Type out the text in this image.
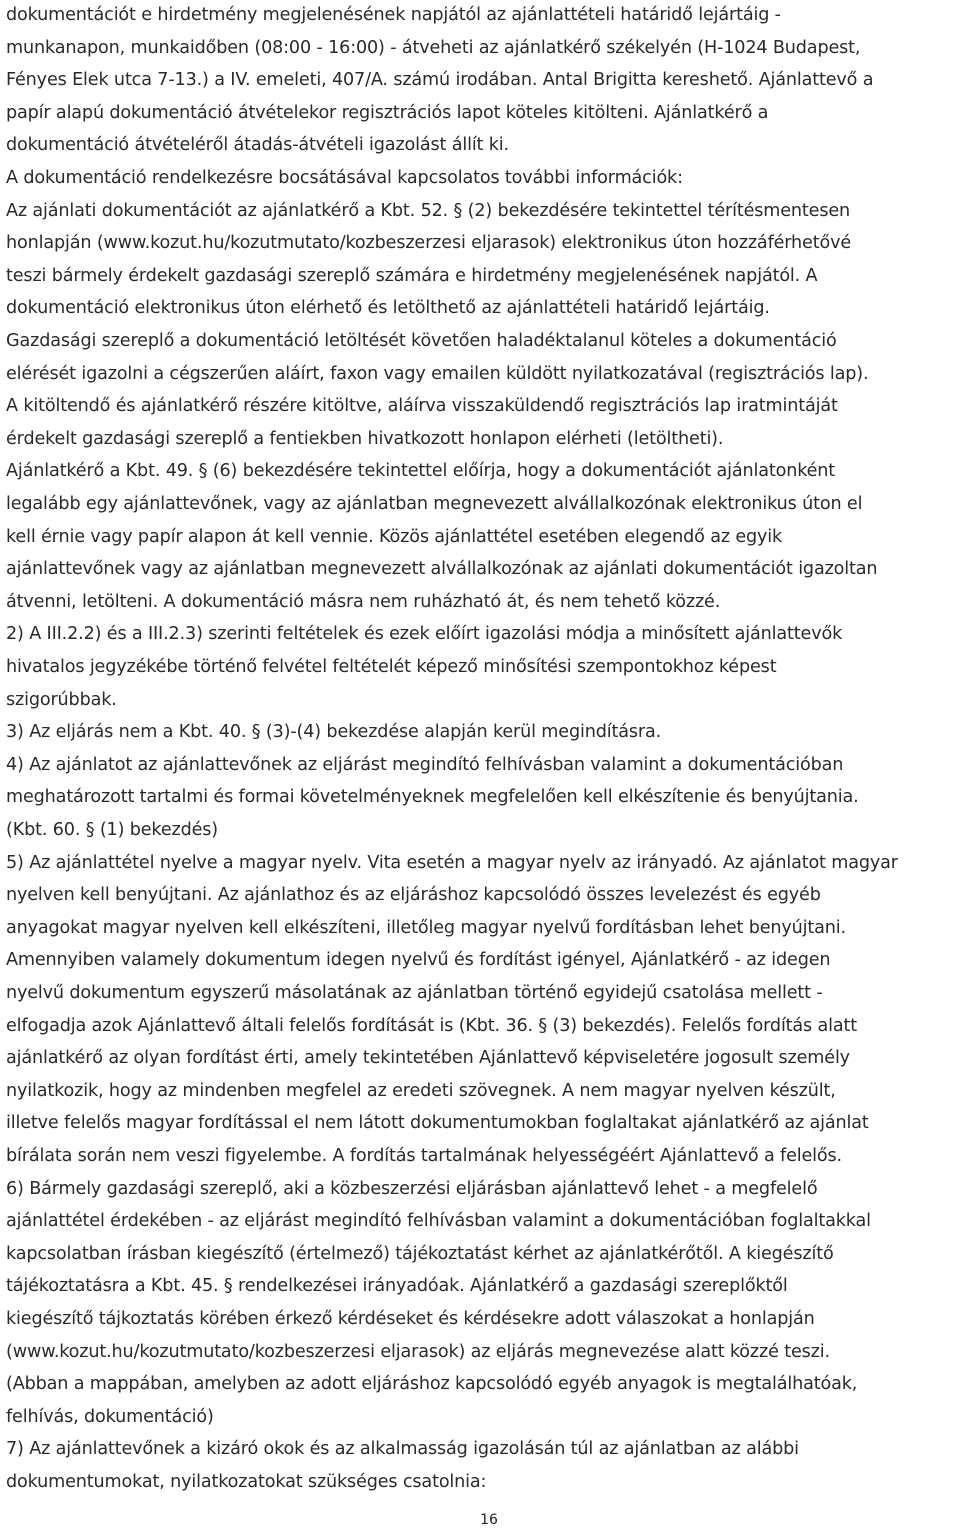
dokumentációt e hirdetmény megjelenésének napjától az ajánlattételi határidő lejártáig -
munkanapon, munkaidőben (08:00 - 16:00) - átveheti az ajánlatkérő székelyén (H-1024 Budapest,
Fényes Elek utca 7-13.) a IV. emeleti, 407/A. számú irodában. Antal Brigitta kereshető. Ajánlattevő a
papír alapú dokumentáció átvételekor regisztrációs lapot köteles kitölteni. Ajánlatkérő a
dokumentáció átvételéről átadás-átvételi igazolást állít ki.
A dokumentáció rendelkezésre bocsátásával kapcsolatos további információk:
Az ajánlati dokumentációt az ajánlatkérő a Kbt. 52. § (2) bekezdésére tekintettel térítésmentesen
honlapján (www.kozut.hu/kozutmutato/kozbeszerzesi eljarasok) elektronikus úton hozzáférhetővé
teszi bármely érdekelt gazdasági szereplő számára e hirdetmény megjelenésének napjától. A
dokumentáció elektronikus úton elérhető és letölthető az ajánlattételi határidő lejártáig.
Gazdasági szereplő a dokumentáció letöltését követően haladéktalanul köteles a dokumentáció
elérését igazolni a cégszerűen aláírt, faxon vagy emailen küldött nyilatkozatával (regisztrációs lap).
A kitöltendő és ajánlatkérő részére kitöltve, aláírva visszaküldendő regisztrációs lap iratmintáját
érdekelt gazdasági szereplő a fentiekben hivatkozott honlapon elérheti (letöltheti).
Ajánlatkérő a Kbt. 49. § (6) bekezdésére tekintettel előírja, hogy a dokumentációt ajánlatonként
legalább egy ajánlattevőnek, vagy az ajánlatban megnevezett alvállalkozónak elektronikus úton el
kell érnie vagy papír alapon át kell vennie. Közös ajánlattétel esetében elegendő az egyik
ajánlattevőnek vagy az ajánlatban megnevezett alvállalkozónak az ajánlati dokumentációt igazoltan
átvenni, letölteni. A dokumentáció másra nem ruházható át, és nem tehető közzé.
2) A III.2.2) és a III.2.3) szerinti feltételek és ezek előírt igazolási módja a minősített ajánlattevők
hivatalos jegyzékébe történő felvétel feltételét képező minősítési szempontokhoz képest
szigorúbbak.
3) Az eljárás nem a Kbt. 40. § (3)-(4) bekezdése alapján kerül megindításra.
4) Az ajánlatot az ajánlattevőnek az eljárást megindító felhívásban valamint a dokumentációban
meghatározott tartalmi és formai követelményeknek megfelelően kell elkészítenie és benyújtania.
(Kbt. 60. § (1) bekezdés)
5) Az ajánlattétel nyelve a magyar nyelv. Vita esetén a magyar nyelv az irányadó. Az ajánlatot magyar
nyelven kell benyújtani. Az ajánlathoz és az eljáráshoz kapcsolódó összes levelezést és egyéb
anyagokat magyar nyelven kell elkészíteni, illetőleg magyar nyelvű fordításban lehet benyújtani.
Amennyiben valamely dokumentum idegen nyelvű és fordítást igényel, Ajánlatkérő - az idegen
nyelvű dokumentum egyszerű másolatának az ajánlatban történő egyidejű csatolása mellett -
elfogadja azok Ajánlattevő általi felelős fordítását is (Kbt. 36. § (3) bekezdés). Felelős fordítás alatt
ajánlatkérő az olyan fordítást érti, amely tekintetében Ajánlattevő képviseletére jogosult személy
nyilatkozik, hogy az mindenben megfelel az eredeti szövegnek. A nem magyar nyelven készült,
illetve felelős magyar fordítással el nem látott dokumentumokban foglaltakat ajánlatkérő az ajánlat
bírálata során nem veszi figyelembe. A fordítás tartalmának helyességéért Ajánlattevő a felelős.
6) Bármely gazdasági szereplő, aki a közbeszerzési eljárásban ajánlattevő lehet - a megfelelő
ajánlattétel érdekében - az eljárást megindító felhívásban valamint a dokumentációban foglaltakkal
kapcsolatban írásban kiegészítő (értelmező) tájékoztatást kérhet az ajánlatkérőtől. A kiegészítő
tájékoztatásra a Kbt. 45. § rendelkezései irányadóak. Ajánlatkérő a gazdasági szereplőktől
kiegészítő tájkoztatás körében érkező kérdéseket és kérdésekre adott válaszokat a honlapján
(www.kozut.hu/kozutmutato/kozbeszerzesi eljarasok) az eljárás megnevezése alatt közzé teszi.
(Abban a mappában, amelyben az adott eljáráshoz kapcsolódó egyéb anyagok is megtalálhatóak,
felhívás, dokumentáció)
7) Az ajánlattevőnek a kizáró okok és az alkalmasság igazolásán túl az ajánlatban az alábbi
dokumentumokat, nyilatkozatokat szükséges csatolnia:
16
